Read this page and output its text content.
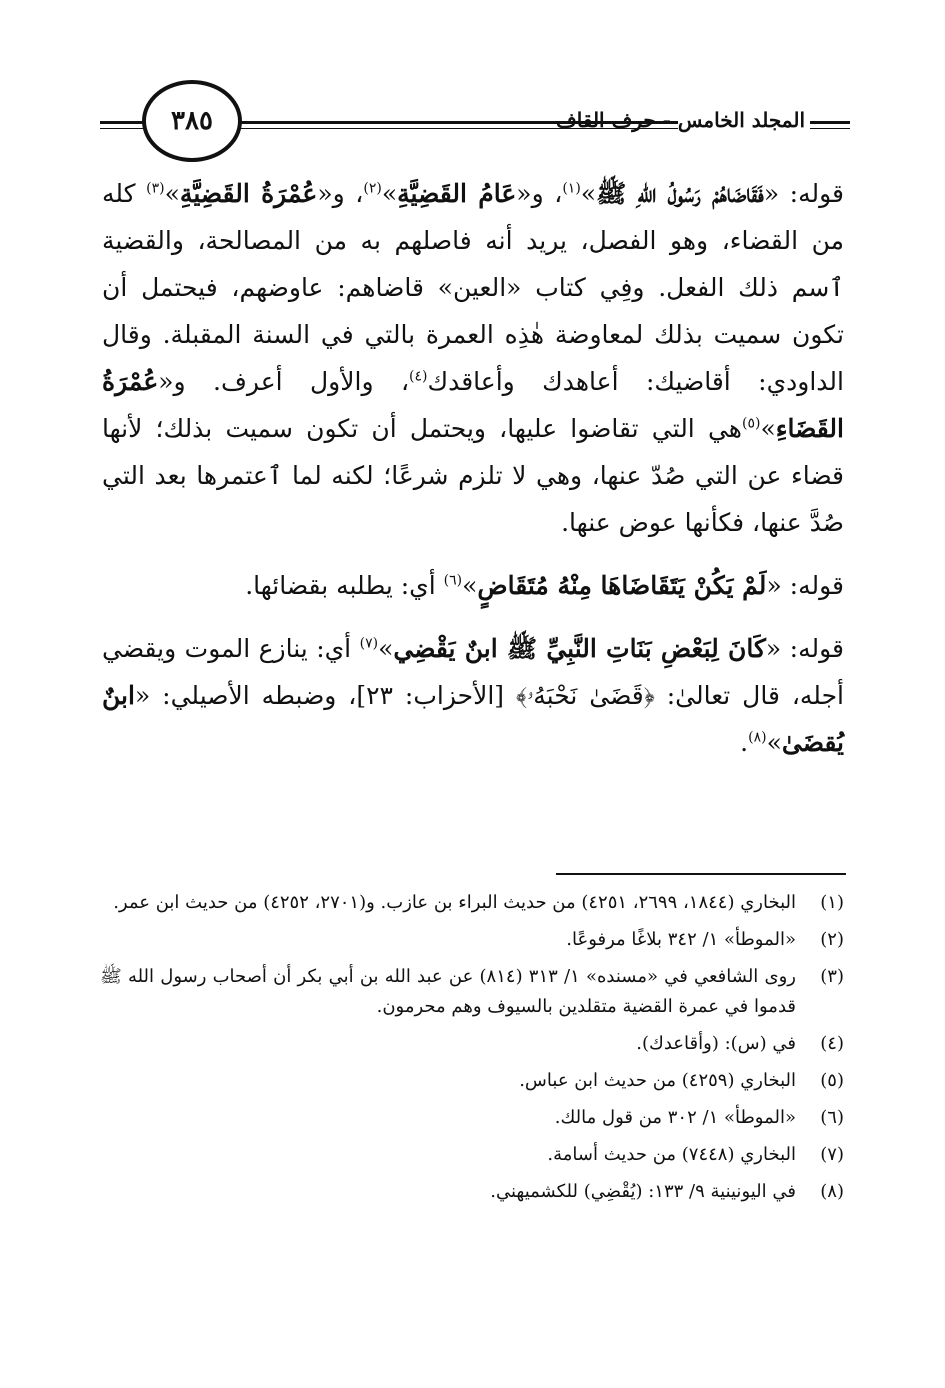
٣٨٥	المجلد الخامس - حرف القاف

قوله: «فَقَاضَاهُمْ رَسُولُ اللهِ ﷺ»$^{(١)}$، و«عَامُ القَضِيَّةِ»$^{(٢)}$، و«عُمْرَةُ القَضِيَّةِ»$^{(٣)}$ كله من القضاء، وهو الفصل، يريد أنه فاصلهم به من المصالحة، والقضية ٱسم ذلك الفعل. وفِي كتاب «العين» قاضاهم: عاوضهم، فيحتمل أن تكون سميت بذلك لمعاوضة هٰذِه العمرة بالتي في السنة المقبلة. وقال الداودي: أقاضيك: أعاهدك وأعاقدك$^{(٤)}$، والأول أعرف. و«عُمْرَةُ القَضَاءِ»$^{(٥)}$هي التي تقاضوا عليها، ويحتمل أن تكون سميت بذلك؛ لأنها قضاء عن التي صُدّ عنها، وهي لا تلزم شرعًا؛ لكنه لما ٱعتمرها بعد التي صُدَّ عنها، فكأنها عوض عنها.

قوله: «لَمْ يَكُنْ يَتَقَاضَاهَا مِنْهُ مُتَقَاضٍ»$^{(٦)}$ أي: يطلبه بقضائها.

قوله: «كَانَ لِبَعْضِ بَنَاتِ النَّبِيِّ ﷺ ابنٌ يَقْضِي»$^{(٧)}$ أي: ينازع الموت ويقضي أجله، قال تعالىٰ: ﴿قَضَىٰ نَحْبَهُۥ﴾ [الأحزاب: ٢٣]، وضبطه الأصيلي: «ابنٌ يُقضَىٰ»$^{(٨)}$.

(١)
البخاري (١٨٤٤، ٢٦٩٩، ٤٢٥١) من حديث البراء بن عازب. و(٢٧٠١، ٤٢٥٢) من حديث ابن عمر.
(٢)
«الموطأ» ١/ ٣٤٢ بلاغًا مرفوعًا.
(٣)
روى الشافعي في «مسنده» ١/ ٣١٣ (٨١٤) عن عبد الله بن أبي بكر أن أصحاب رسول الله ﷺ قدموا في عمرة القضية متقلدين بالسيوف وهم محرمون.
(٤)
في (س): (وأقاعدك).
(٥)
البخاري (٤٢٥٩) من حديث ابن عباس.
(٦)
«الموطأ» ١/ ٣٠٢ من قول مالك.
(٧)
البخاري (٧٤٤٨) من حديث أسامة.
(٨)
في اليونينية ٩/ ١٣٣: (يُقْضِي) للكشميهني.
